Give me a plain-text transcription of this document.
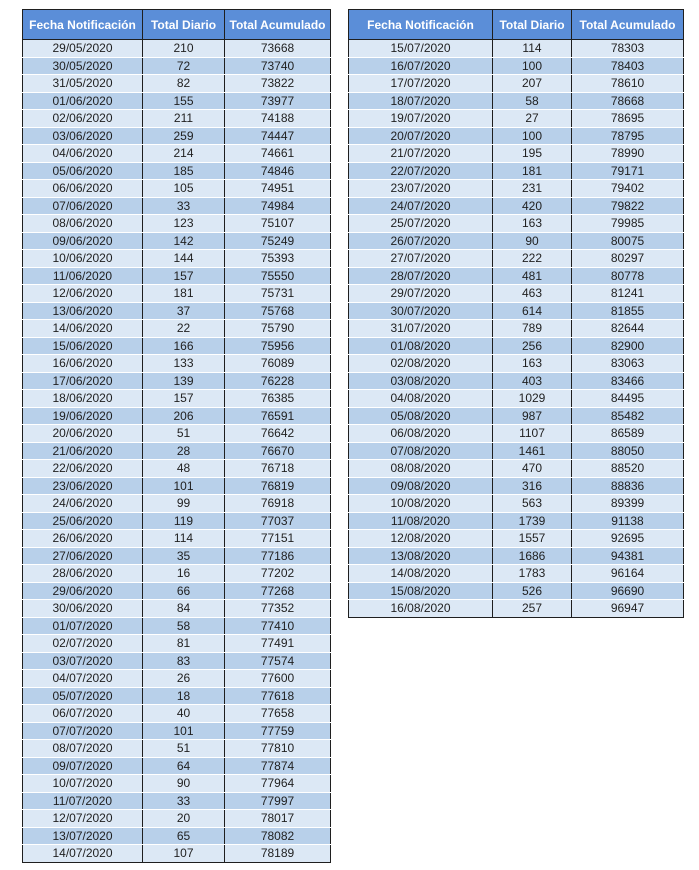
Fecha Notificación	Total Diario	Total Acumulado
29/05/2020	210	73668
30/05/2020	72	73740
31/05/2020	82	73822
01/06/2020	155	73977
02/06/2020	211	74188
03/06/2020	259	74447
04/06/2020	214	74661
05/06/2020	185	74846
06/06/2020	105	74951
07/06/2020	33	74984
08/06/2020	123	75107
09/06/2020	142	75249
10/06/2020	144	75393
11/06/2020	157	75550
12/06/2020	181	75731
13/06/2020	37	75768
14/06/2020	22	75790
15/06/2020	166	75956
16/06/2020	133	76089
17/06/2020	139	76228
18/06/2020	157	76385
19/06/2020	206	76591
20/06/2020	51	76642
21/06/2020	28	76670
22/06/2020	48	76718
23/06/2020	101	76819
24/06/2020	99	76918
25/06/2020	119	77037
26/06/2020	114	77151
27/06/2020	35	77186
28/06/2020	16	77202
29/06/2020	66	77268
30/06/2020	84	77352
01/07/2020	58	77410
02/07/2020	81	77491
03/07/2020	83	77574
04/07/2020	26	77600
05/07/2020	18	77618
06/07/2020	40	77658
07/07/2020	101	77759
08/07/2020	51	77810
09/07/2020	64	77874
10/07/2020	90	77964
11/07/2020	33	77997
12/07/2020	20	78017
13/07/2020	65	78082
14/07/2020	107	78189
Fecha Notificación	Total Diario	Total Acumulado
15/07/2020	114	78303
16/07/2020	100	78403
17/07/2020	207	78610
18/07/2020	58	78668
19/07/2020	27	78695
20/07/2020	100	78795
21/07/2020	195	78990
22/07/2020	181	79171
23/07/2020	231	79402
24/07/2020	420	79822
25/07/2020	163	79985
26/07/2020	90	80075
27/07/2020	222	80297
28/07/2020	481	80778
29/07/2020	463	81241
30/07/2020	614	81855
31/07/2020	789	82644
01/08/2020	256	82900
02/08/2020	163	83063
03/08/2020	403	83466
04/08/2020	1029	84495
05/08/2020	987	85482
06/08/2020	1107	86589
07/08/2020	1461	88050
08/08/2020	470	88520
09/08/2020	316	88836
10/08/2020	563	89399
11/08/2020	1739	91138
12/08/2020	1557	92695
13/08/2020	1686	94381
14/08/2020	1783	96164
15/08/2020	526	96690
16/08/2020	257	96947
